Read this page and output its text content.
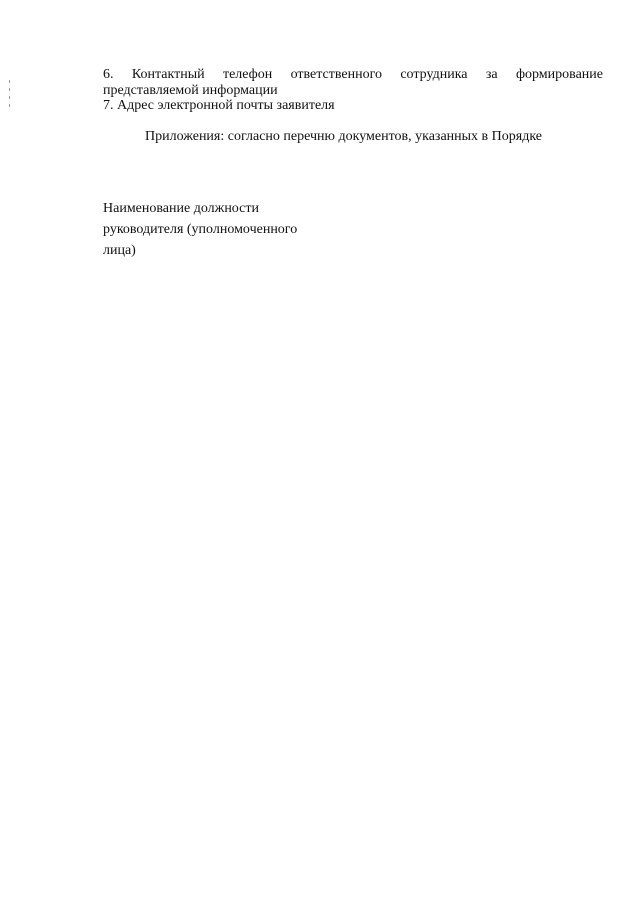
6. Контактный телефон ответственного сотрудника за формирование
представляемой информации
7. Адрес электронной почты заявителя
Приложения: согласно перечню документов, указанных в Порядке
Наименование должности
руководителя (уполномоченного
лица)
